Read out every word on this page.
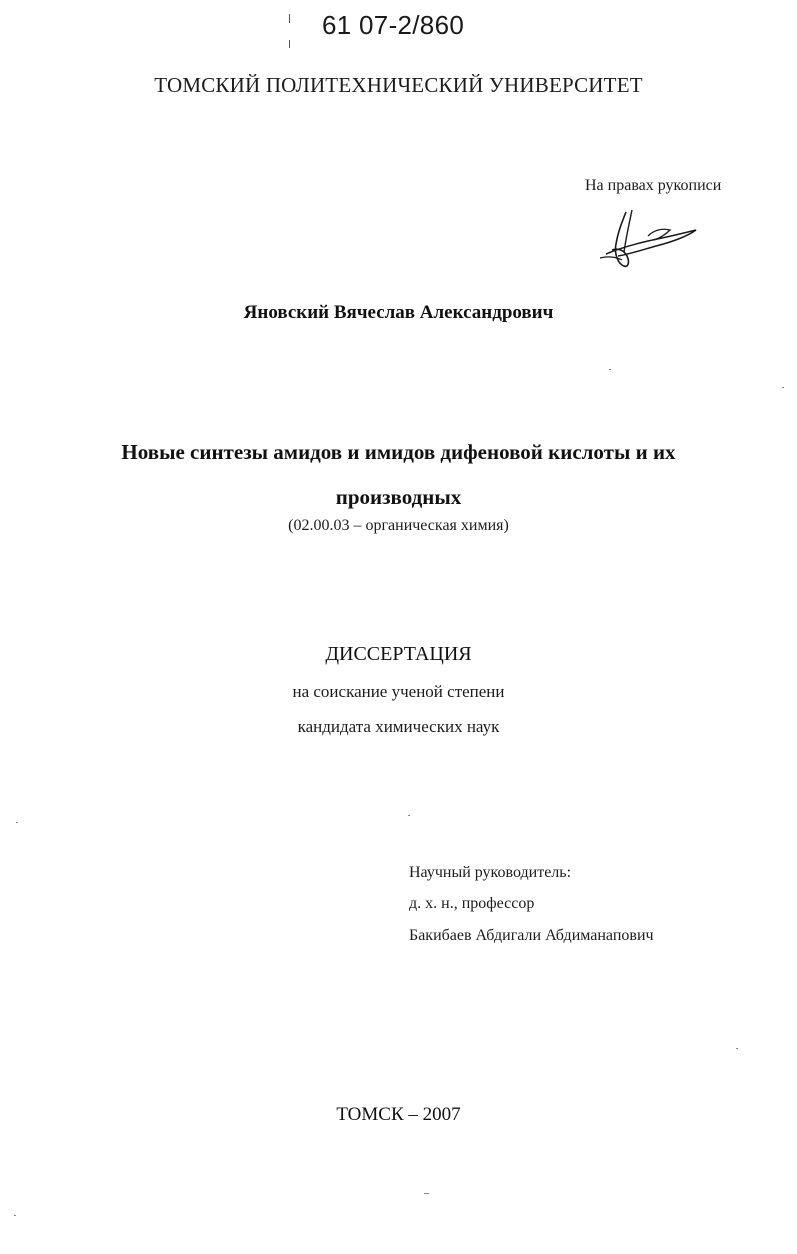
61 07-2/860
ТОМСКИЙ ПОЛИТЕХНИЧЕСКИЙ УНИВЕРСИТЕТ
На правах рукописи
Яновский Вячеслав Александрович
Новые синтезы амидов и имидов дифеновой кислоты и их
производных
(02.00.03 – органическая химия)
ДИССЕРТАЦИЯ
на соискание ученой степени
кандидата химических наук
Научный руководитель:
д. х. н., профессор
Бакибаев Абдигали Абдиманапович
ТОМСК – 2007
